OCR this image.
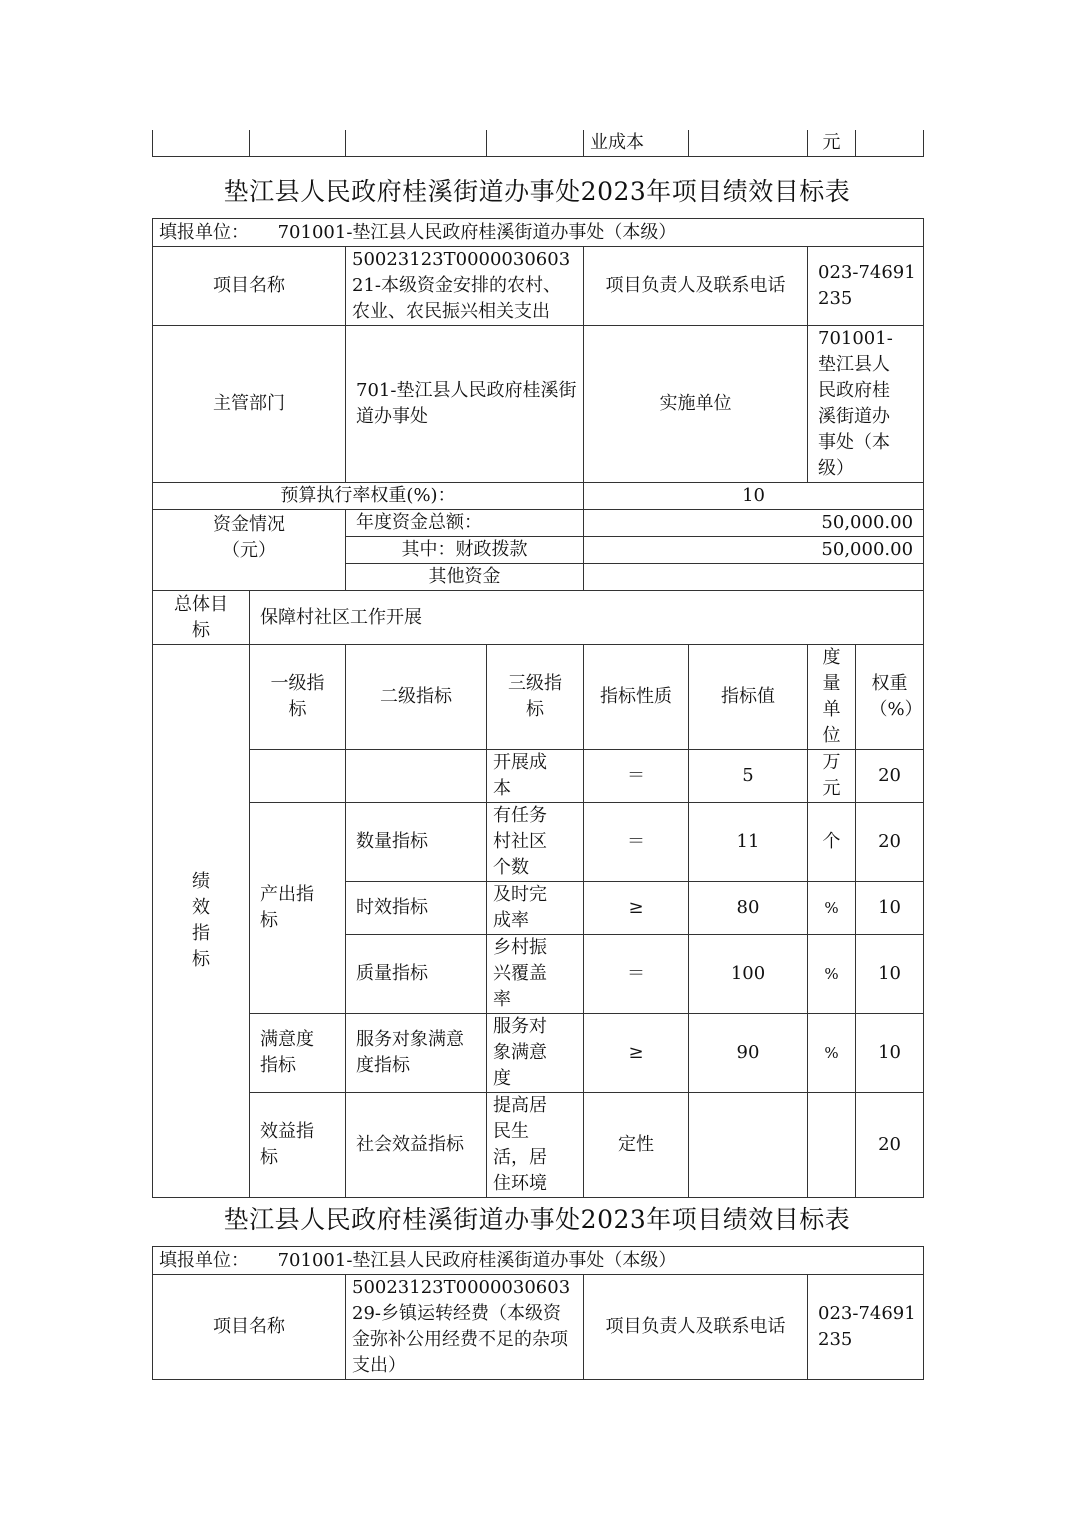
				业成本		元	
垫江县人民政府桂溪街道办事处2023年项目绩效目标表
填报单位： 701001-垫江县人民政府桂溪街道办事处（本级）							
项目名称		50023123T000003060321-本级资金安排的农村、农业、农民振兴相关支出		项目负责人及联系电话		023-74691235	
主管部门		701-垫江县人民政府桂溪街道办事处		实施单位		701001-垫江县人民政府桂溪街道办事处（本级）	

预算执行率权重(%)：				10			
资金情况（元）		年度资金总额：		50,000.00			
		其中：财政拨款		50,000.00			
		其他资金					
总体目标	保障村社区工作开展						
绩效指标	一级指标	二级指标	三级指标	指标性质	指标值	度量单位	权重（%）

			开展成本	＝	5	万元	20

	产出指标	数量指标	有任务村社区个数	＝	11	个	20
		时效指标	及时完成率	≥	80	%	10
		质量指标	乡村振兴覆盖率	＝	100	%	10

	满意度指标	服务对象满意度指标	服务对象满意度	≥	90	%	10

	效益指标	社会效益指标	提高居民生活，居住环境	定性			20
垫江县人民政府桂溪街道办事处2023年项目绩效目标表
填报单位： 701001-垫江县人民政府桂溪街道办事处（本级）
项目名称	50023123T000003060329-乡镇运转经费（本级资金弥补公用经费不足的杂项支出）	项目负责人及联系电话	023-74691235
